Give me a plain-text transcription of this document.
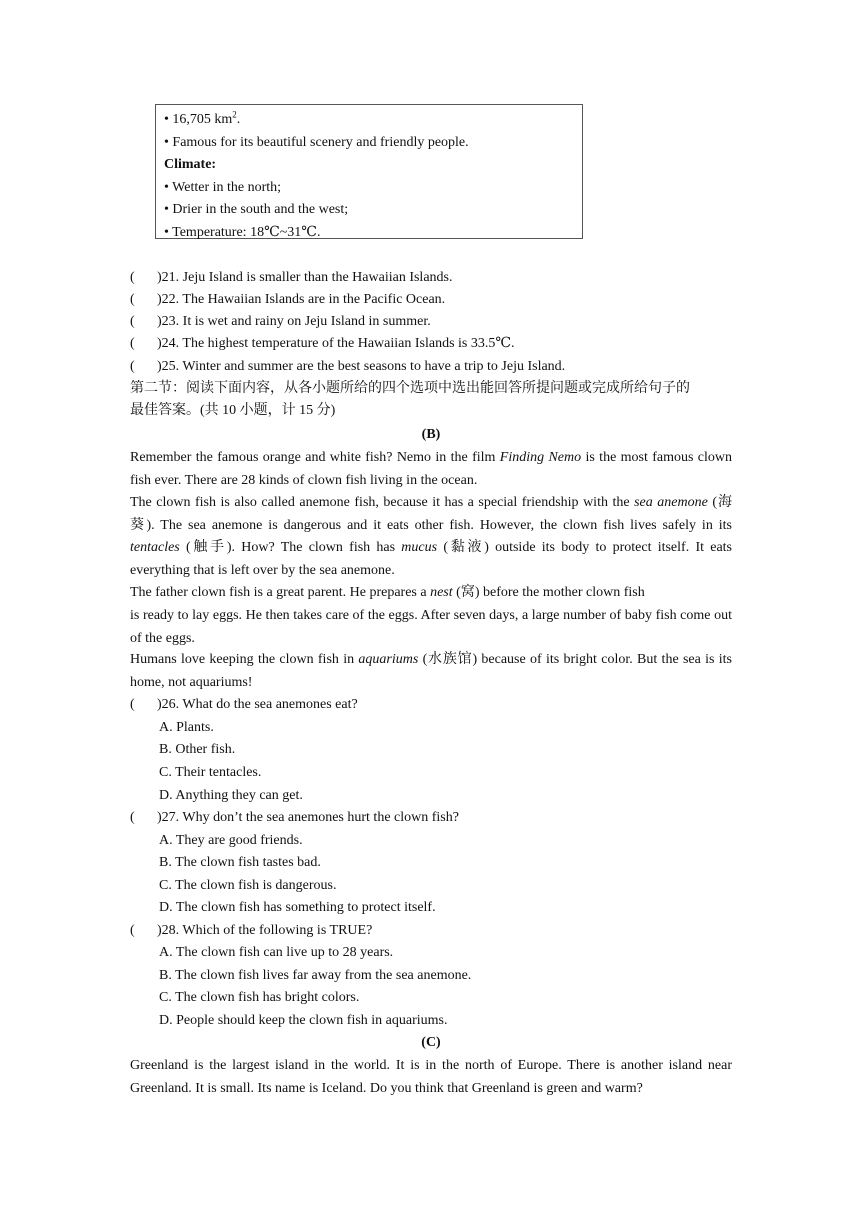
• 16,705 $km^2$.
• Famous for its beautiful scenery and friendly people.
Climate:
• Wetter in the north;
• Drier in the south and the west;
• Temperature: 18℃~31℃.
( )21. Jeju Island is smaller than the Hawaiian Islands.
( )22. The Hawaiian Islands are in the Pacific Ocean.
( )23. It is wet and rainy on Jeju Island in summer.
( )24. The highest temperature of the Hawaiian Islands is 33.5℃.
( )25. Winter and summer are the best seasons to have a trip to Jeju Island.
第二节：阅读下面内容，从各小题所给的四个选项中选出能回答所提问题或完成所给句子的
最佳答案。(共 10 小题，计 15 分)
(B)

Remember the famous orange and white fish? Nemo in the film Finding Nemo is the most famous clown fish ever. There are 28 kinds of clown fish living in the ocean.

The clown fish is also called anemone fish, because it has a special friendship with the sea anemone (海葵). The sea anemone is dangerous and it eats other fish. However, the clown fish lives safely in its tentacles (触手). How? The clown fish has mucus (黏液) outside its body to protect itself. It eats everything that is left over by the sea anemone.

The father clown fish is a great parent. He prepares a nest (窝) before the mother clown fish

is ready to lay eggs. He then takes care of the eggs. After seven days, a large number of baby fish come out of the eggs.

Humans love keeping the clown fish in aquariums (水族馆) because of its bright color. But the sea is its home, not aquariums!

( )26. What do the sea anemones eat?
A. Plants.
B. Other fish.
C. Their tentacles.
D. Anything they can get.
( )27. Why don’t the sea anemones hurt the clown fish?
A. They are good friends.
B. The clown fish tastes bad.
C. The clown fish is dangerous.
D. The clown fish has something to protect itself.
( )28. Which of the following is TRUE?
A. The clown fish can live up to 28 years.
B. The clown fish lives far away from the sea anemone.
C. The clown fish has bright colors.
D. People should keep the clown fish in aquariums.
(C)

Greenland is the largest island in the world. It is in the north of Europe. There is another island near Greenland. It is small. Its name is Iceland. Do you think that Greenland is green and warm?
